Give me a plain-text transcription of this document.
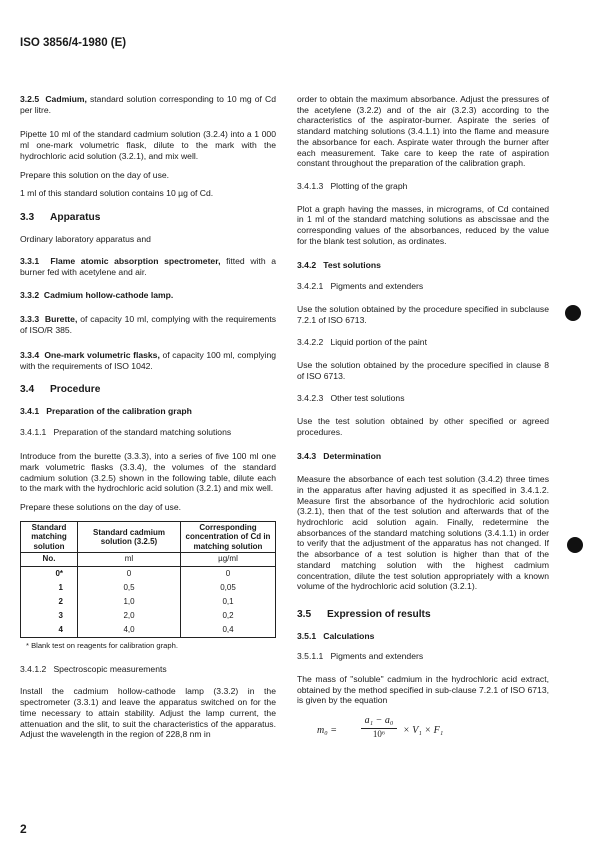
ISO 3856/4-1980 (E)

3.2.5 Cadmium, standard solution corresponding to 10 mg of Cd per litre.

Pipette 10 ml of the standard cadmium solution (3.2.4) into a 1 000 ml one-mark volumetric flask, dilute to the mark with the hydrochloric acid solution (3.2.1), and mix well.

Prepare this solution on the day of use.

1 ml of this standard solution contains 10 µg of Cd.

3.3 Apparatus

Ordinary laboratory apparatus and

3.3.1 Flame atomic absorption spectrometer, fitted with a burner fed with acetylene and air.

3.3.2 Cadmium hollow-cathode lamp.

3.3.3 Burette, of capacity 10 ml, complying with the requirements of ISO/R 385.

3.3.4 One-mark volumetric flasks, of capacity 100 ml, complying with the requirements of ISO 1042.

3.4 Procedure
3.4.1 Preparation of the calibration graph
3.4.1.1 Preparation of the standard matching solutions

Introduce from the burette (3.3.3), into a series of five 100 ml one mark volumetric flasks (3.3.4), the volumes of the standard cadmium solution (3.2.5) shown in the following table, dilute each to the mark with the hydrochloric acid solution (3.2.1) and mix well.

Prepare these solutions on the day of use.

Standard matching solution	Standard cadmium solution (3.2.5)	Corresponding concentration of Cd in matching solution
No.	ml	µg/ml
0*	0	0
1	0,5	0,05
2	1,0	0,1
3	2,0	0,2
4	4,0	0,4
* Blank test on reagents for calibration graph.
3.4.1.2 Spectroscopic measurements

Install the cadmium hollow-cathode lamp (3.3.2) in the spectrometer (3.3.1) and leave the apparatus switched on for the time necessary to attain stability. Adjust the lamp current, the attenuation and the slit, to suit the characteristics of the apparatus. Adjust the wavelength in the region of 228,8 nm in

order to obtain the maximum absorbance. Adjust the pressures of the acetylene (3.2.2) and of the air (3.2.3) according to the characteristics of the aspirator-burner. Aspirate the series of standard matching solutions (3.4.1.1) into the flame and measure the absorbance for each. Aspirate water through the burner after each measurement. Take care to keep the rate of aspiration constant throughout the preparation of the calibration graph.

3.4.1.3 Plotting of the graph

Plot a graph having the masses, in micrograms, of Cd contained in 1 ml of the standard matching solutions as abscissae and the corresponding values of the absorbances, reduced by the value for the blank test solution, as ordinates.

3.4.2 Test solutions
3.4.2.1 Pigments and extenders

Use the solution obtained by the procedure specified in subclause 7.2.1 of ISO 6713.

3.4.2.2 Liquid portion of the paint

Use the solution obtained by the procedure specified in clause 8 of ISO 6713.

3.4.2.3 Other test solutions

Use the test solution obtained by other specified or agreed procedures.

3.4.3 Determination

Measure the absorbance of each test solution (3.4.2) three times in the apparatus after having adjusted it as specified in 3.4.1.2. Measure first the absorbance of the hydrochloric acid solution (3.2.1), then that of the test solution and afterwards that of the hydrochloric acid solution again. Finally, redetermine the absorbances of the standard matching solutions (3.4.1.1) in order to verify that the adjustment of the apparatus has not changed. If the absorbance of a test solution is higher than that of the standard matching solution with the highest cadmium concentration, dilute the test solution appropriately with a known volume of the hydrochloric acid solution (3.2.1).

3.5 Expression of results
3.5.1 Calculations
3.5.1.1 Pigments and extenders

The mass of "soluble" cadmium in the hydrochloric acid extract, obtained by the method specified in sub-clause 7.2.1 of ISO 6713, is given by the equation

$m_0 = \frac{\text{a₁ − a₀}}{\text{10⁶}} \times V_1 \times F_1$
2
